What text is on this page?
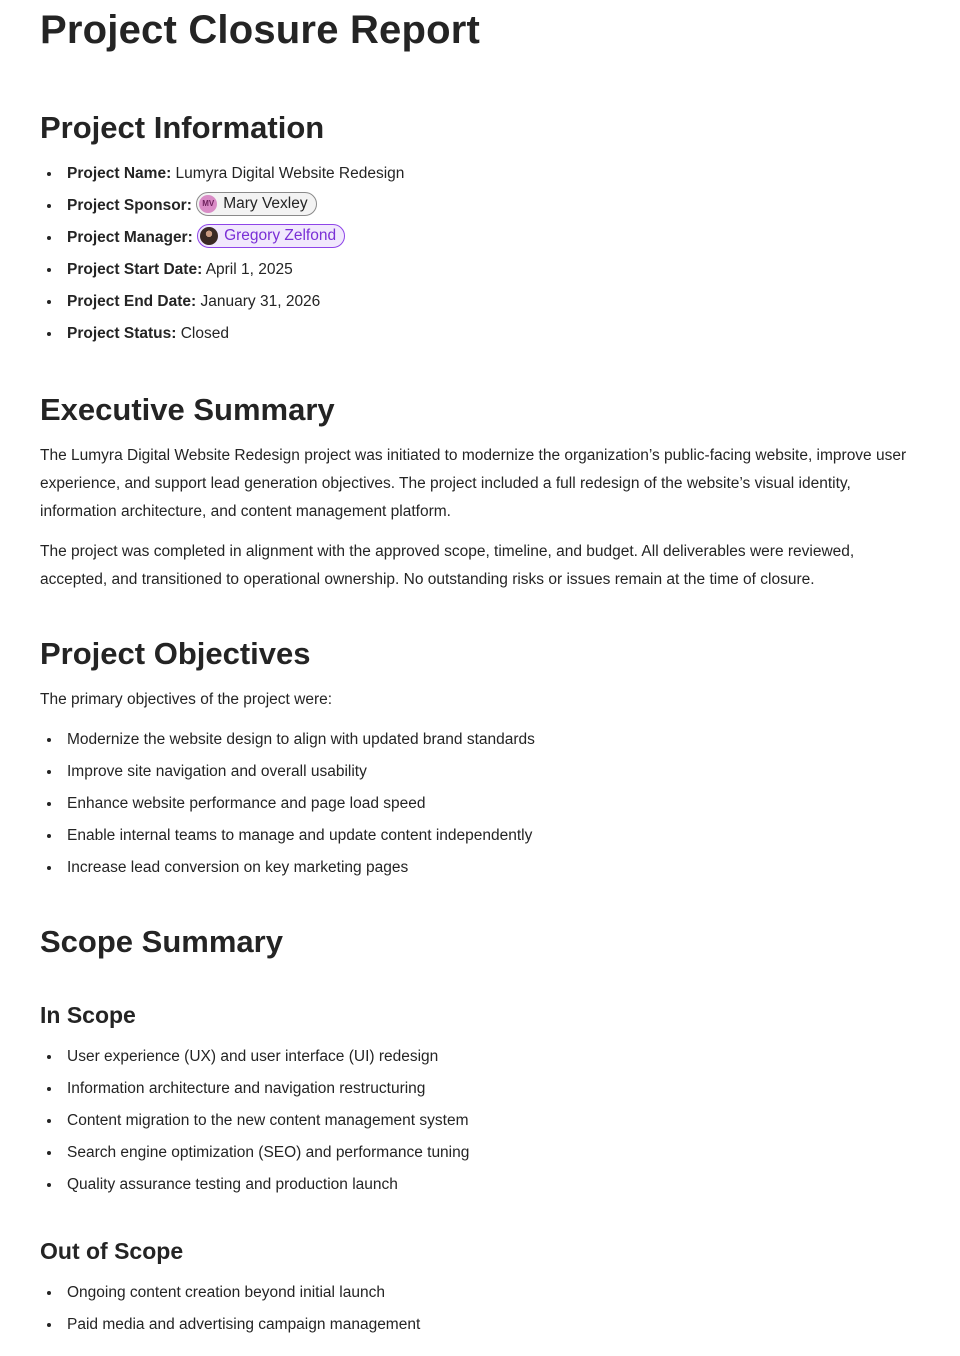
Project Closure Report
Project Information
Project Name: Lumyra Digital Website Redesign
Project Sponsor:	MV Mary Vexley
Project Manager: Gregory Zelfond
Project Start Date: April 1, 2025
Project End Date: January 31, 2026
Project Status: Closed
Executive Summary

The Lumyra Digital Website Redesign project was initiated to modernize the organization’s public-facing website, improve user experience, and support lead generation objectives. The project included a full redesign of the website’s visual identity, information architecture, and content management platform.

The project was completed in alignment with the approved scope, timeline, and budget. All deliverables were reviewed, accepted, and transitioned to operational ownership. No outstanding risks or issues remain at the time of closure.

Project Objectives

The primary objectives of the project were:

Modernize the website design to align with updated brand standards
Improve site navigation and overall usability
Enhance website performance and page load speed
Enable internal teams to manage and update content independently
Increase lead conversion on key marketing pages
Scope Summary
In Scope
User experience (UX) and user interface (UI) redesign
Information architecture and navigation restructuring
Content migration to the new content management system
Search engine optimization (SEO) and performance tuning
Quality assurance testing and production launch
Out of Scope
Ongoing content creation beyond initial launch
Paid media and advertising campaign management
